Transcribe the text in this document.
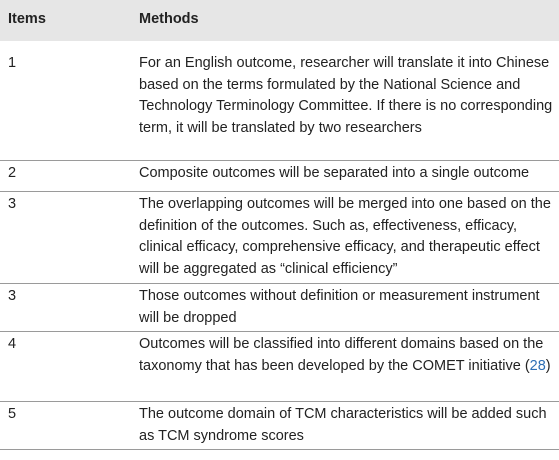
Items	Methods
1	For an English outcome, researcher will translate it into Chinese based on the terms formulated by the National Science and Technology Terminology Committee. If there is no corresponding term, it will be translated by two researchers
2	Composite outcomes will be separated into a single outcome
3	The overlapping outcomes will be merged into one based on the definition of the outcomes. Such as, effectiveness, efficacy, clinical efficacy, comprehensive efficacy, and therapeutic effect will be aggregated as “clinical efficiency”
3	Those outcomes without definition or measurement instrument will be dropped
4	Outcomes will be classified into different domains based on the taxonomy that has been developed by the COMET initiative (28)
5	The outcome domain of TCM characteristics will be added such as TCM syndrome scores
